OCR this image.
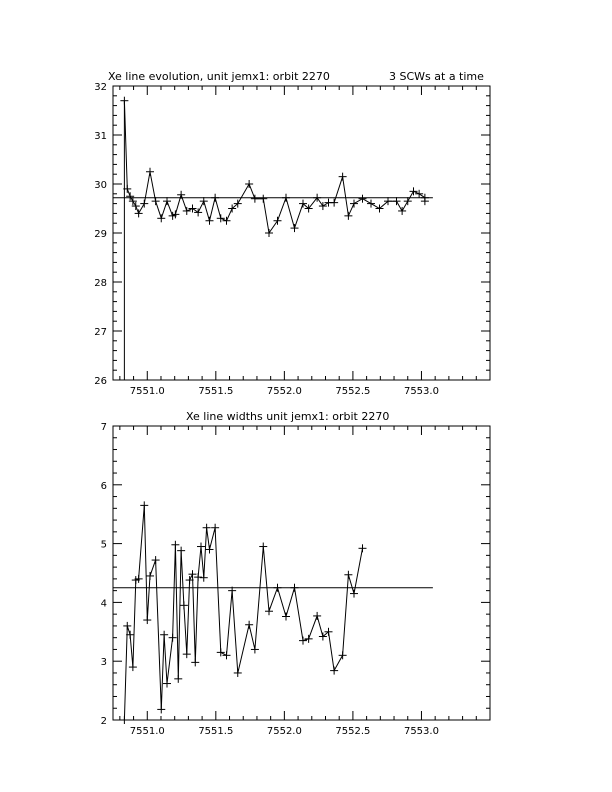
Xe line evolution, unit jemx1: orbit 2270	3 SCWs at a time
7551.0	7551.5	7552.0	7552.5	7553.0
26
27
28
29
30
31
32
Xe line widths unit jemx1: orbit 2270
7551.0	7551.5	7552.0	7552.5	7553.0
2
3
4
5
6
7
